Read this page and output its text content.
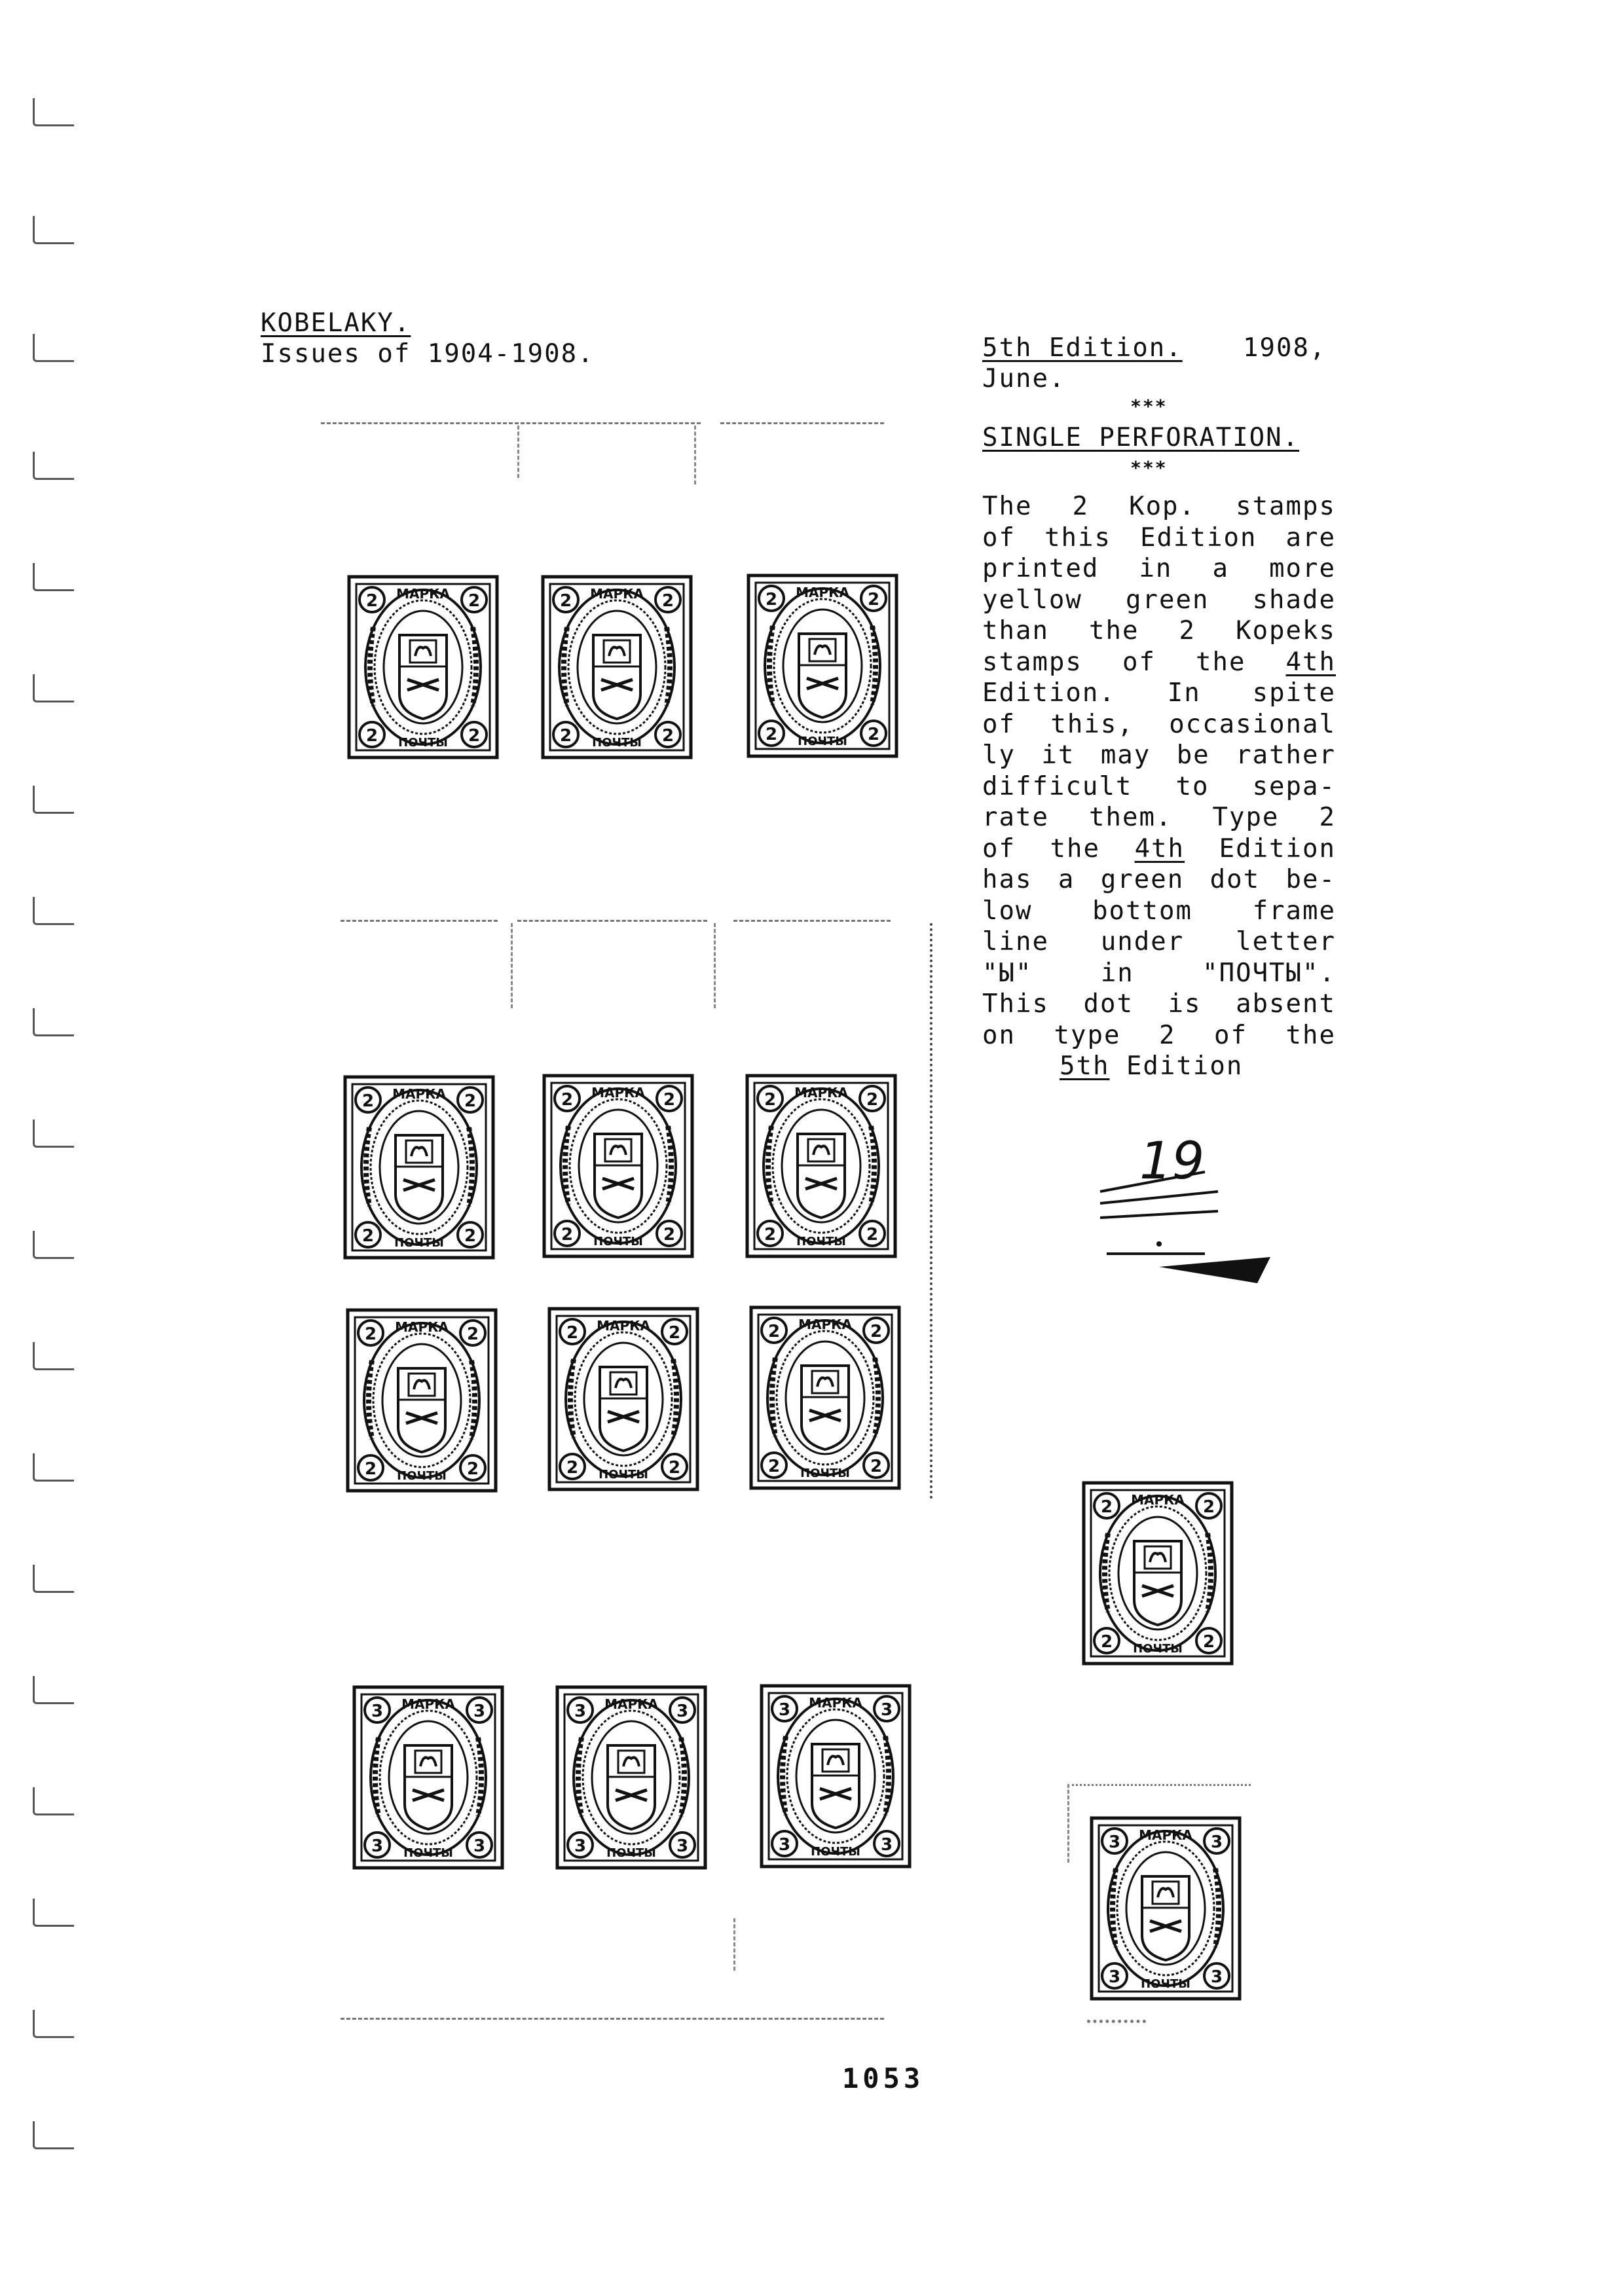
KOBELAKY.
Issues of 1904-1908.	5th Edition. 1908,
June.
***
SINGLE PERFORATION.
***
The 2 Kop. stamps
of this Edition are
printed in a more
yellow green shade
than the 2 Kopeks
stamps of the 4th
Edition. In spite
of this, occasional
ly it may be rather
difficult to sepa-
rate them. Type 2
of the 4th Edition
has a green dot be-
low bottom frame
line under letter
"Ы"	in	"ПОЧТЫ".
This dot is absent
on type 2 of the
5th
Edition
19
2	2
2	2
МАРКА
ПОЧТЫ
2	2
2	2
МАРКА
ПОЧТЫ
2	2
2	2
МАРКА
ПОЧТЫ
2	2
2	2
МАРКА
ПОЧТЫ
2	2
2	2
МАРКА
ПОЧТЫ
2	2
2	2
МАРКА
ПОЧТЫ
2	2
2	2
МАРКА
ПОЧТЫ
2	2
2	2
МАРКА
ПОЧТЫ
2	2
2	2
МАРКА
ПОЧТЫ
3	3
3	3
МАРКА
ПОЧТЫ
3	3
3	3
МАРКА
ПОЧТЫ
3	3
3	3
МАРКА
ПОЧТЫ
2	2
2	2
МАРКА
ПОЧТЫ
3	3
3	3
МАРКА
ПОЧТЫ
1053
